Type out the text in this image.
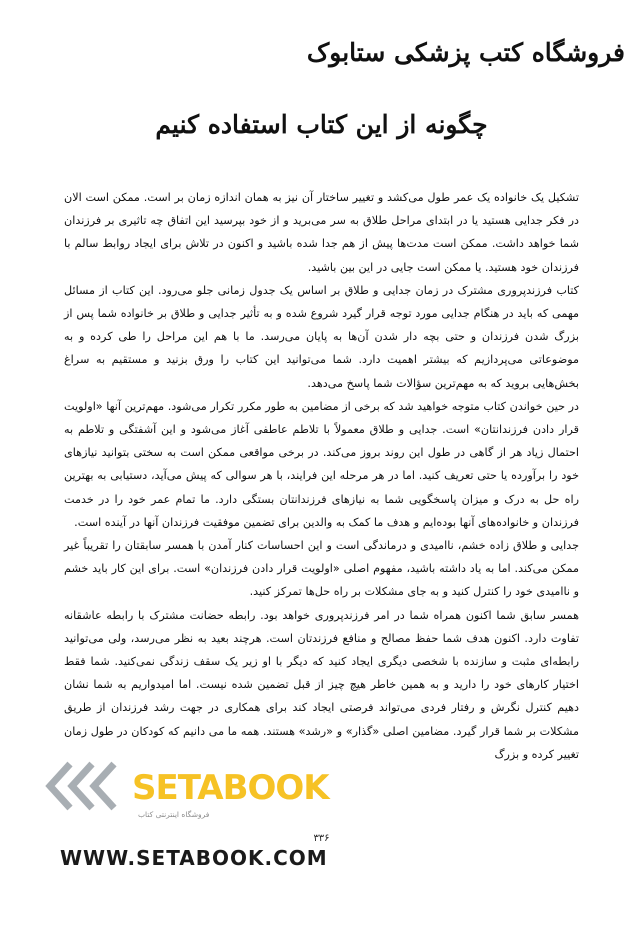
فروشگاه کتب پزشکی ستابوک
چگونه از این کتاب استفاده کنیم

تشکیل یک خانواده یک عمر طول می‌کشد و تغییر ساختار آن نیز به همان اندازه زمان بر است. ممکن است الان در فکر جدایی هستید یا در ابتدای مراحل طلاق به سر می‌برید و از خود بپرسید این اتفاق چه تاثیری بر فرزندان شما خواهد داشت. ممکن است مدت‌ها پیش از هم جدا شده باشید و اکنون در تلاش برای ایجاد روابط سالم با فرزندان خود هستید. یا ممکن است جایی در این بین باشید.

کتاب فرزندپروری مشترک در زمان جدایی و طلاق بر اساس یک جدول زمانی جلو می‌رود. این کتاب از مسائل مهمی که باید در هنگام جدایی مورد توجه قرار گیرد شروع شده و به تأثیر جدایی و طلاق بر خانواده شما پس از بزرگ شدن فرزندان و حتی بچه دار شدن آن‌ها به پایان می‌رسد. ما با هم این مراحل را طی کرده و به موضوعاتی می‌پردازیم که بیشتر اهمیت دارد. شما می‌توانید این کتاب را ورق بزنید و مستقیم به سراغ بخش‌هایی بروید که به مهم‌ترین سؤالات شما پاسخ می‌دهد.

در حین خواندن کتاب متوجه خواهید شد که برخی از مضامین به طور مکرر تکرار می‌شود. مهم‌ترین آنها «اولویت قرار دادن فرزندانتان» است. جدایی و طلاق معمولاً با تلاطم عاطفی آغاز می‌شود و این آشفتگی و تلاطم به احتمال زیاد هر از گاهی در طول این روند بروز می‌کند. در برخی مواقعی ممکن است به سختی بتوانید نیازهای خود را برآورده یا حتی تعریف کنید. اما در هر مرحله این فرایند، با هر سوالی که پیش می‌آید، دستیابی به بهترین راه حل به درک و میزان پاسخگویی شما به نیازهای فرزندانتان بستگی دارد. ما تمام عمر خود را در خدمت فرزندان و خانواده‌های آنها بوده‌ایم و هدف ما کمک به والدین برای تضمین موفقیت فرزندان آنها در آینده است.

جدایی و طلاق زاده خشم، ناامیدی و درماندگی است و این احساسات کنار آمدن با همسر سابقتان را تقریباً غیر ممکن می‌کند. اما به یاد داشته باشید، مفهوم اصلی «اولویت قرار دادن فرزندان» است. برای این کار باید خشم و ناامیدی خود را کنترل کنید و به جای مشکلات بر راه حل‌ها تمرکز کنید.

همسر سابق شما اکنون همراه شما در امر فرزندپروری خواهد بود. رابطه حضانت مشترک با رابطه عاشقانه تفاوت دارد. اکنون هدف شما حفظ مصالح و منافع فرزندتان است. هرچند بعید به نظر می‌رسد، ولی می‌توانید رابطه‌ای مثبت و سازنده با شخصی دیگری ایجاد کنید که دیگر با او زیر یک سقف زندگی نمی‌کنید. شما فقط اختیار کارهای خود را دارید و به همین خاطر هیچ چیز از قبل تضمین شده نیست. اما امیدواریم به شما نشان دهیم کنترل نگرش و رفتار فردی می‌تواند فرصتی ایجاد کند برای همکاری در جهت رشد فرزندان از طریق مشکلات بر شما قرار گیرد. مضامین اصلی «گذار» و «رشد» هستند. همه ما می دانیم که کودکان در طول زمان تغییر کرده و بزرگ

SETABOOK
فروشگاه اینترنتی کتاب
۳۳۶
WWW.SETABOOK.COM
